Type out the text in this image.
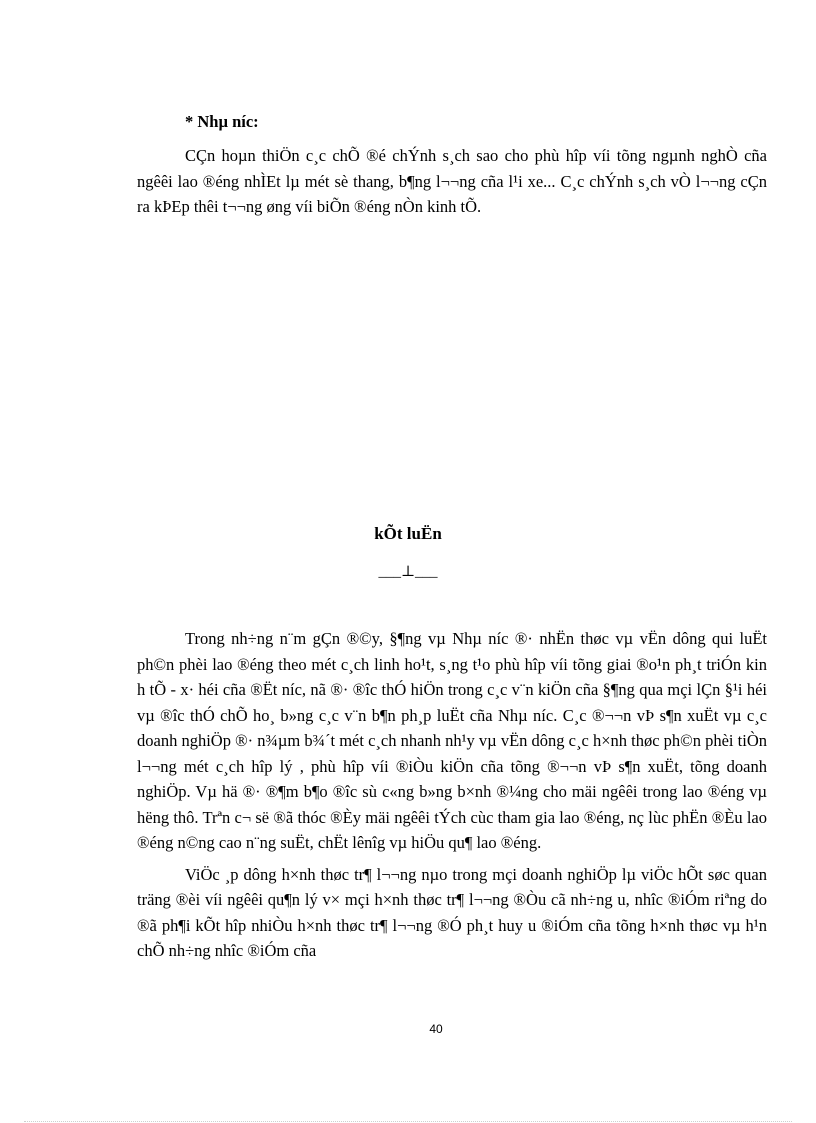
* Nhµ níc:

CÇn hoµn thiÖn c¸c chÕ ®é chÝnh s¸ch sao cho phù hîp víi tõng ngµnh nghÒ cña ngêêi lao ®éng nhÌEt lµ mét sè thang, b¶ng l¬¬ng cña l¹i xe... C¸c chÝnh s¸ch vÒ l¬¬ng cÇn ra kÞEp thêi t¬¬ng øng víi biÕn ®éng nÒn kinh tÕ.

kÕt luËn
___⊥___

Trong nh÷ng n¨m gÇn ®©y, §¶ng vµ Nhµ níc ®· nhËn thøc vµ vËn dông qui luËt ph©n phèi lao ®éng theo mét c¸ch linh ho¹t, s¸ng t¹o phù hîp víi tõng giai ®o¹n ph¸t triÓn kin h tÕ - x· héi cña ®Ët níc, nã ®· ®îc thÓ hiÖn trong c¸c v¨n kiÖn cña §¶ng qua mçi lÇn §¹i héi vµ ®îc thÓ chÕ ho¸ b»ng c¸c v¨n b¶n ph¸p luËt cña Nhµ níc. C¸c ®¬¬n vÞ s¶n xuËt vµ c¸c doanh nghiÖp ®· n¾µm b¾´t mét c¸ch nhanh nh¹y vµ vËn dông c¸c h×nh thøc ph©n phèi tiÒn l¬¬ng mét c¸ch hîp lý , phù hîp víi ®iÒu kiÖn cña tõng ®¬¬n vÞ s¶n xuËt, tõng doanh nghiÖp. Vµ hä ®· ®¶m b¶o ®îc sù c«ng b»ng b×nh ®¼ng cho mäi ngêêi trong lao ®éng vµ hëng thô. Trªn c¬ së ®ã thóc ®Èy mäi ngêêi tÝch cùc tham gia lao ®éng, nç lùc phËn ®Èu lao ®éng n©ng cao n¨ng suËt, chËt lênîg vµ hiÖu qu¶ lao ®éng.

ViÖc ¸p dông h×nh thøc tr¶ l¬¬ng nµo trong mçi doanh nghiÖp lµ viÖc hÕt søc quan träng ®èi víi ngêêi qu¶n lý v× mçi h×nh thøc tr¶ l¬¬ng ®Òu cã nh÷ng u, nhîc ®iÓm riªng do ®ã ph¶i kÕt hîp nhiÒu h×nh thøc tr¶ l¬¬ng ®Ó ph¸t huy u ®iÓm cña tõng h×nh thøc vµ h¹n chÕ nh÷ng nhîc ®iÓm cña

40
